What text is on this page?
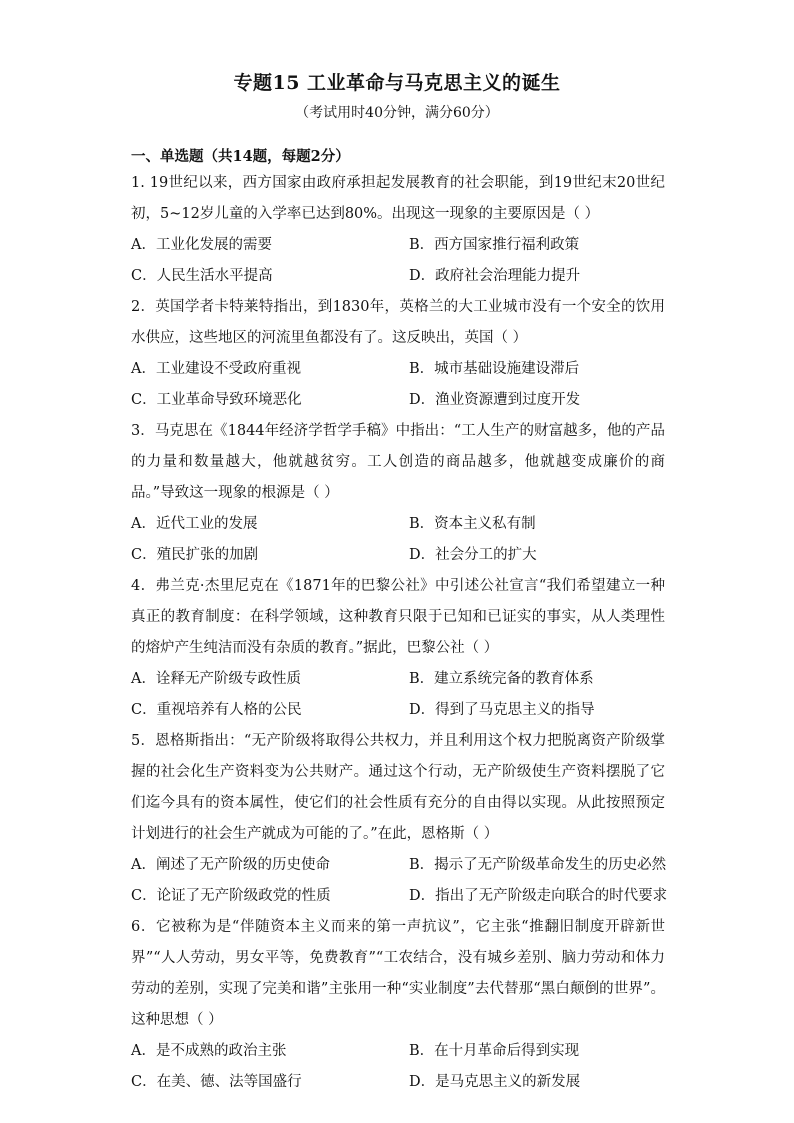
专题15 工业革命与马克思主义的诞生
（考试用时40分钟，满分60分）
一、单选题（共14题，每题2分）
1. 19世纪以来，西方国家由政府承担起发展教育的社会职能，到19世纪末20世纪初，5~12岁儿童的入学率已达到80%。出现这一现象的主要原因是（ ）
A．工业化发展的需要	B．西方国家推行福利政策
C．人民生活水平提高	D．政府社会治理能力提升
2．英国学者卡特莱特指出，到1830年，英格兰的大工业城市没有一个安全的饮用水供应，这些地区的河流里鱼都没有了。这反映出，英国（ ）
A．工业建设不受政府重视	B．城市基础设施建设滞后
C．工业革命导致环境恶化	D．渔业资源遭到过度开发
3．马克思在《1844年经济学哲学手稿》中指出：“工人生产的财富越多，他的产品的力量和数量越大，他就越贫穷。工人创造的商品越多，他就越变成廉价的商品。”导致这一现象的根源是（ ）
A．近代工业的发展	B．资本主义私有制
C．殖民扩张的加剧	D．社会分工的扩大
4．弗兰克·杰里尼克在《1871年的巴黎公社》中引述公社宣言“我们希望建立一种真正的教育制度：在科学领域，这种教育只限于已知和已证实的事实，从人类理性的熔炉产生纯洁而没有杂质的教育。”据此，巴黎公社（ ）
A．诠释无产阶级专政性质	B．建立系统完备的教育体系
C．重视培养有人格的公民	D．得到了马克思主义的指导
5．恩格斯指出：“无产阶级将取得公共权力，并且利用这个权力把脱离资产阶级掌握的社会化生产资料变为公共财产。通过这个行动，无产阶级使生产资料摆脱了它们迄今具有的资本属性，使它们的社会性质有充分的自由得以实现。从此按照预定计划进行的社会生产就成为可能的了。”在此，恩格斯（ ）
A．阐述了无产阶级的历史使命	B．揭示了无产阶级革命发生的历史必然
C．论证了无产阶级政党的性质	D．指出了无产阶级走向联合的时代要求
6．它被称为是“伴随资本主义而来的第一声抗议”，它主张“推翻旧制度开辟新世界”“人人劳动，男女平等，免费教育”“工农结合，没有城乡差别、脑力劳动和体力劳动的差别，实现了完美和谐”主张用一种“实业制度”去代替那“黑白颠倒的世界”。这种思想（ ）
A．是不成熟的政治主张	B．在十月革命后得到实现
C．在美、德、法等国盛行	D．是马克思主义的新发展
